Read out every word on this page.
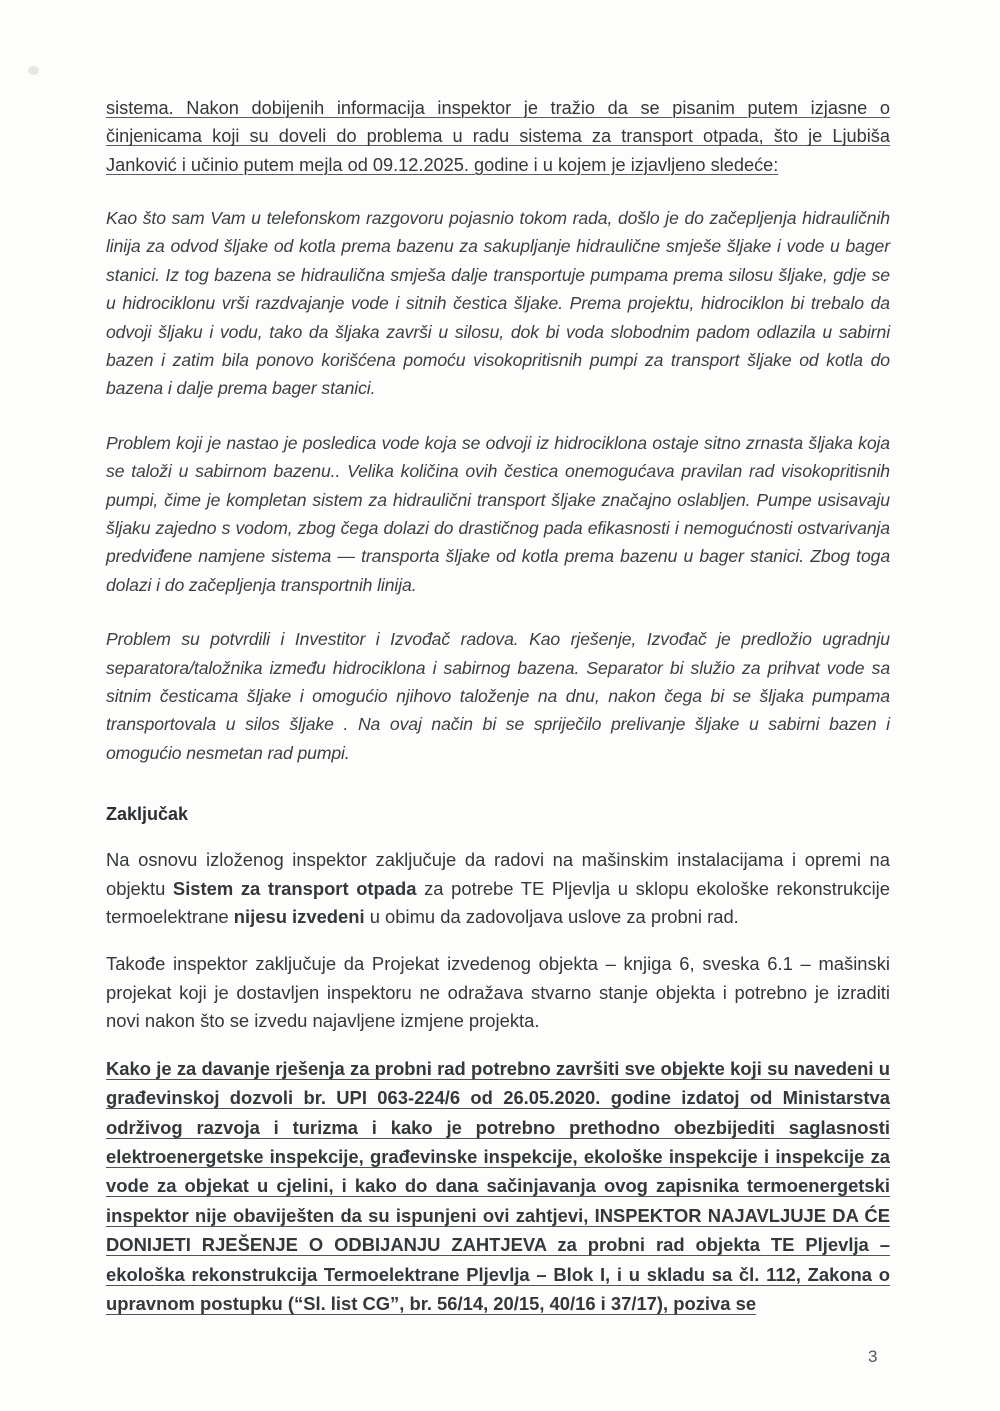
sistema. Nakon dobijenih informacija inspektor je tražio da se pisanim putem izjasne o činjenicama koji su doveli do problema u radu sistema za transport otpada, što je Ljubiša Janković i učinio putem mejla od 09.12.2025. godine i u kojem je izjavljeno sledeće:

Kao što sam Vam u telefonskom razgovoru pojasnio tokom rada, došlo je do začepljenja hidrauličnih linija za odvod šljake od kotla prema bazenu za sakupljanje hidraulične smješe šljake i vode u bager stanici. Iz tog bazena se hidraulična smješa dalje transportuje pumpama prema silosu šljake, gdje se u hidrociklonu vrši razdvajanje vode i sitnih čestica šljake. Prema projektu, hidrociklon bi trebalo da odvoji šljaku i vodu, tako da šljaka završi u silosu, dok bi voda slobodnim padom odlazila u sabirni bazen i zatim bila ponovo korišćena pomoću visokopritisnih pumpi za transport šljake od kotla do bazena i dalje prema bager stanici.

Problem koji je nastao je posledica vode koja se odvoji iz hidrociklona ostaje sitno zrnasta šljaka koja se taloži u sabirnom bazenu.. Velika količina ovih čestica onemogućava pravilan rad visokopritisnih pumpi, čime je kompletan sistem za hidraulični transport šljake značajno oslabljen. Pumpe usisavaju šljaku zajedno s vodom, zbog čega dolazi do drastičnog pada efikasnosti i nemogućnosti ostvarivanja predviđene namjene sistema — transporta šljake od kotla prema bazenu u bager stanici. Zbog toga dolazi i do začepljenja transportnih linija.

Problem su potvrdili i Investitor i Izvođač radova. Kao rješenje, Izvođač je predložio ugradnju separatora/taložnika između hidrociklona i sabirnog bazena. Separator bi služio za prihvat vode sa sitnim česticama šljake i omogućio njihovo taloženje na dnu, nakon čega bi se šljaka pumpama transportovala u silos šljake . Na ovaj način bi se spriječilo prelivanje šljake u sabirni bazen i omogućio nesmetan rad pumpi.

Zaključak

Na osnovu izloženog inspektor zaključuje da radovi na mašinskim instalacijama i opremi na objektu Sistem za transport otpada za potrebe TE Pljevlja u sklopu ekološke rekonstrukcije termoelektrane nijesu izvedeni u obimu da zadovoljava uslove za probni rad.

Takođe inspektor zaključuje da Projekat izvedenog objekta – knjiga 6, sveska 6.1 – mašinski projekat koji je dostavljen inspektoru ne odražava stvarno stanje objekta i potrebno je izraditi novi nakon što se izvedu najavljene izmjene projekta.

Kako je za davanje rješenja za probni rad potrebno završiti sve objekte koji su navedeni u građevinskoj dozvoli br. UPI 063-224/6 od 26.05.2020. godine izdatoj od Ministarstva održivog razvoja i turizma i kako je potrebno prethodno obezbijediti saglasnosti elektroenergetske inspekcije, građevinske inspekcije, ekološke inspekcije i inspekcije za vode za objekat u cjelini, i kako do dana sačinjavanja ovog zapisnika termoenergetski inspektor nije obaviješten da su ispunjeni ovi zahtjevi, INSPEKTOR NAJAVLJUJE DA ĆE DONIJETI RJEŠENJE O ODBIJANJU ZAHTJEVA za probni rad objekta TE Pljevlja – ekološka rekonstrukcija Termoelektrane Pljevlja – Blok I, i u skladu sa čl. 112, Zakona o upravnom postupku (“Sl. list CG”, br. 56/14, 20/15, 40/16 i 37/17), poziva se

3
